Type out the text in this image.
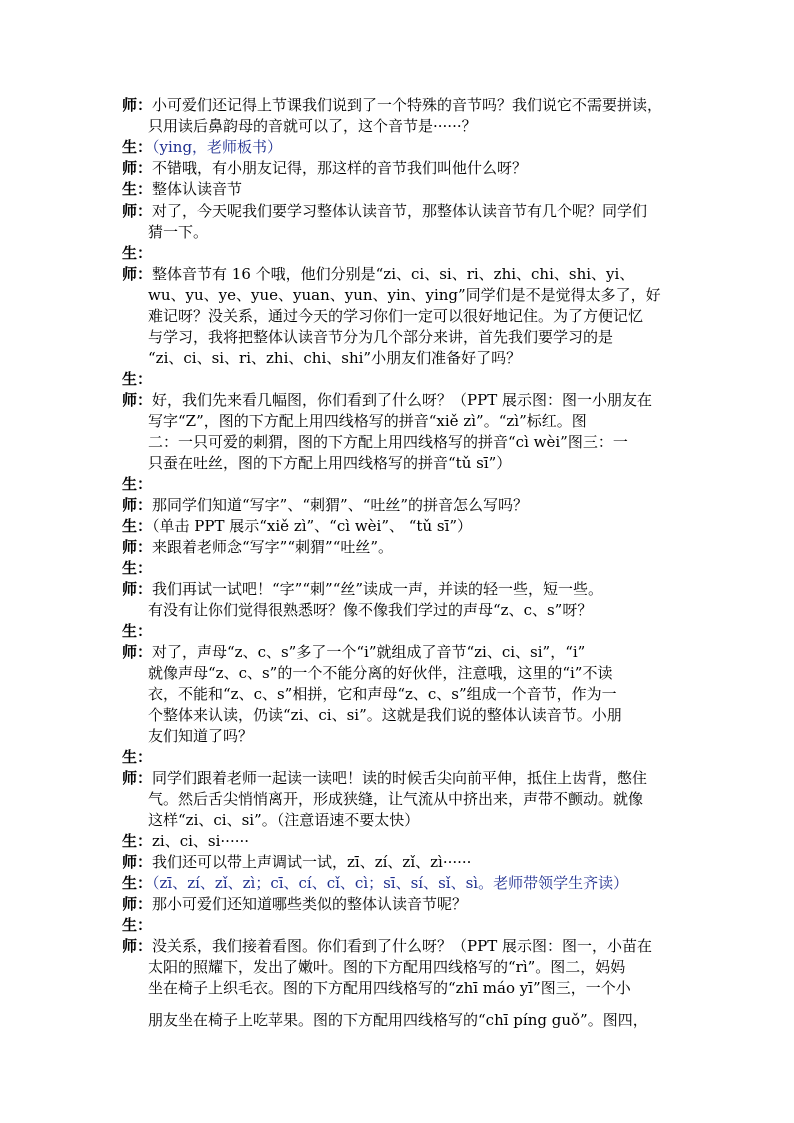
师：小可爱们还记得上节课我们说到了一个特殊的音节吗？我们说它不需要拼读，
只用读后鼻韵母的音就可以了，这个音节是······？
生：（ying，老师板书）
师：不错哦，有小朋友记得，那这样的音节我们叫他什么呀？
生：整体认读音节
师：对了，今天呢我们要学习整体认读音节，那整体认读音节有几个呢？同学们
猜一下。
生：
师：整体音节有 16 个哦，他们分别是“zi、ci、si、ri、zhi、chi、shi、yi、
wu、yu、ye、yue、yuan、yun、yin、ying”同学们是不是觉得太多了，好
难记呀？没关系，通过今天的学习你们一定可以很好地记住。为了方便记忆
与学习，我将把整体认读音节分为几个部分来讲，首先我们要学习的是
“zi、ci、si、ri、zhi、chi、shi”小朋友们准备好了吗？
生：
师：好，我们先来看几幅图，你们看到了什么呀？（PPT 展示图：图一小朋友在
写字“Z”，图的下方配上用四线格写的拼音“xiě zì”。“zì”标红。图
二：一只可爱的刺猬，图的下方配上用四线格写的拼音“cì wèi”图三：一
只蚕在吐丝，图的下方配上用四线格写的拼音“tǔ sī”）
生：
师：那同学们知道“写字”、“刺猬”、“吐丝”的拼音怎么写吗？
生：（单击 PPT 展示“xiě zì”、“cì wèi”、 “tǔ sī”）
师：来跟着老师念“写字”“刺猬”“吐丝”。
生：
师：我们再试一试吧！“字”“刺”“丝”读成一声，并读的轻一些，短一些。
有没有让你们觉得很熟悉呀？像不像我们学过的声母“z、c、s”呀？
生：
师：对了，声母“z、c、s”多了一个“i”就组成了音节“zi、ci、si”，“i”
就像声母“z、c、s”的一个不能分离的好伙伴，注意哦，这里的“i”不读
衣，不能和“z、c、s”相拼，它和声母“z、c、s”组成一个音节，作为一
个整体来认读，仍读“zi、ci、si”。这就是我们说的整体认读音节。小朋
友们知道了吗？
生：
师：同学们跟着老师一起读一读吧！读的时候舌尖向前平伸，抵住上齿背，憋住
气。然后舌尖悄悄离开，形成狭缝，让气流从中挤出来，声带不颤动。就像
这样“zi、ci、si”。（注意语速不要太快）
生：zi、ci、si······
师：我们还可以带上声调试一试，zī、zí、zǐ、zì······
生：（zī、zí、zǐ、zì；cī、cí、cǐ、cì；sī、sí、sǐ、sì。老师带领学生齐读）
师：那小可爱们还知道哪些类似的整体认读音节呢？
生：
师：没关系，我们接着看图。你们看到了什么呀？（PPT 展示图：图一，小苗在
太阳的照耀下，发出了嫩叶。图的下方配用四线格写的“rì”。图二，妈妈
坐在椅子上织毛衣。图的下方配用四线格写的“zhī máo yī”图三，一个小
朋友坐在椅子上吃苹果。图的下方配用四线格写的“chī píng guǒ”。图四，
